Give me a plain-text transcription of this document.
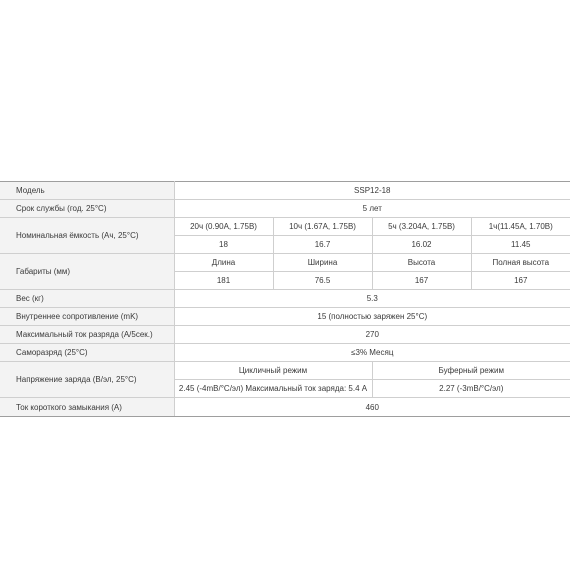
Модель	SSP12-18			
Срок службы (год. 25°C)	5 лет			
Номинальная ёмкость (Ач, 25°C)	20ч (0.90А, 1.75В)	10ч (1.67А, 1.75В)	5ч (3.204А, 1.75В)	1ч(11.45А, 1.70В)
	18	16.7	16.02	11.45
Габариты (мм)	Длина	Ширина	Высота	Полная высота
	181	76.5	167	167
Вес (кг)	5.3			
Внутреннее сопротивление (mK)	15 (полностью заряжен 25°C)			
Максимальный ток разряда (А/5сек.)	270			
Саморазряд (25°C)	≤3% Месяц			
Напряжение заряда (В/эл, 25°C)	Цикличный режим		Буферный режим	
	2.45 (-4mВ/°C/эл) Максимальный ток заряда: 5.4 А		2.27 (-3mВ/°C/эл)	
Ток короткого замыкания (А)	460			
